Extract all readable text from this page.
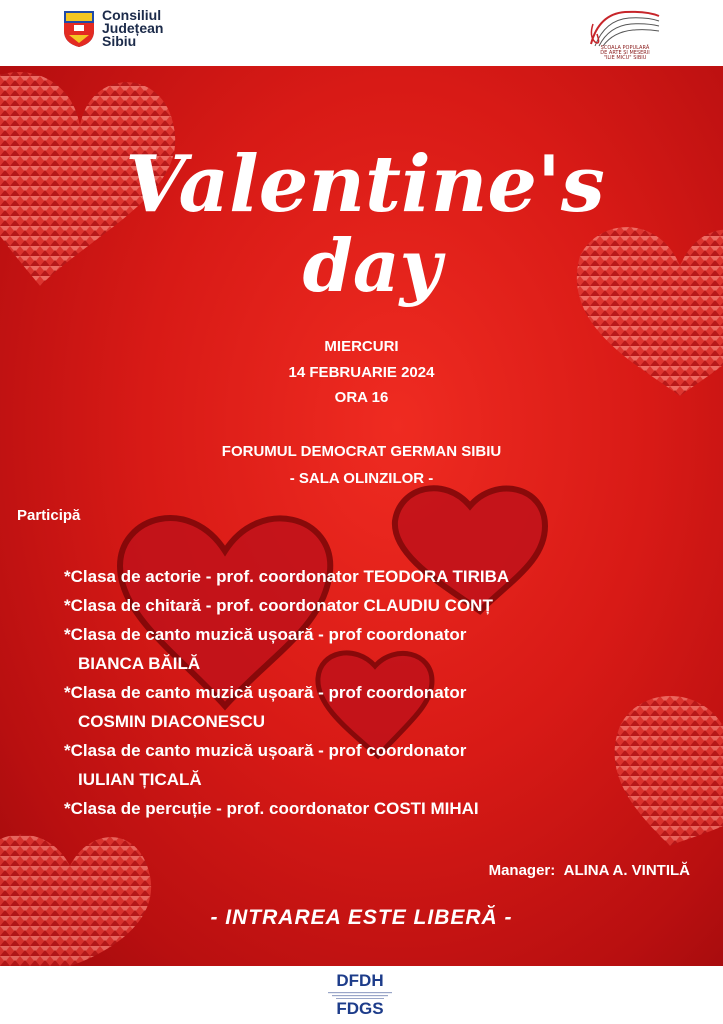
Consiliul
Județean
Sibiu	ȘCOALA POPULARĂ
DE ARTE ȘI MESERII
"ILIE MICU" SIBIU
Valentine's
day
MIERCURI
14 FEBRUARIE 2024
ORA 16
FORUMUL DEMOCRAT GERMAN SIBIU
- SALA OLINZILOR -
Participă
*Clasa de actorie - prof. coordonator TEODORA TIRIBA
*Clasa de chitară - prof. coordonator CLAUDIU CONȚ
*Clasa de canto muzică ușoară - prof coordonator
BIANCA BĂILĂ
*Clasa de canto muzică ușoară - prof coordonator
COSMIN DIACONESCU
*Clasa de canto muzică ușoară - prof coordonator
IULIAN ȚICALĂ
*Clasa de percuție - prof. coordonator COSTI MIHAI
Manager: ALINA A. VINTILĂ
- INTRAREA ESTE LIBERĂ -
DFDH
FDGS
